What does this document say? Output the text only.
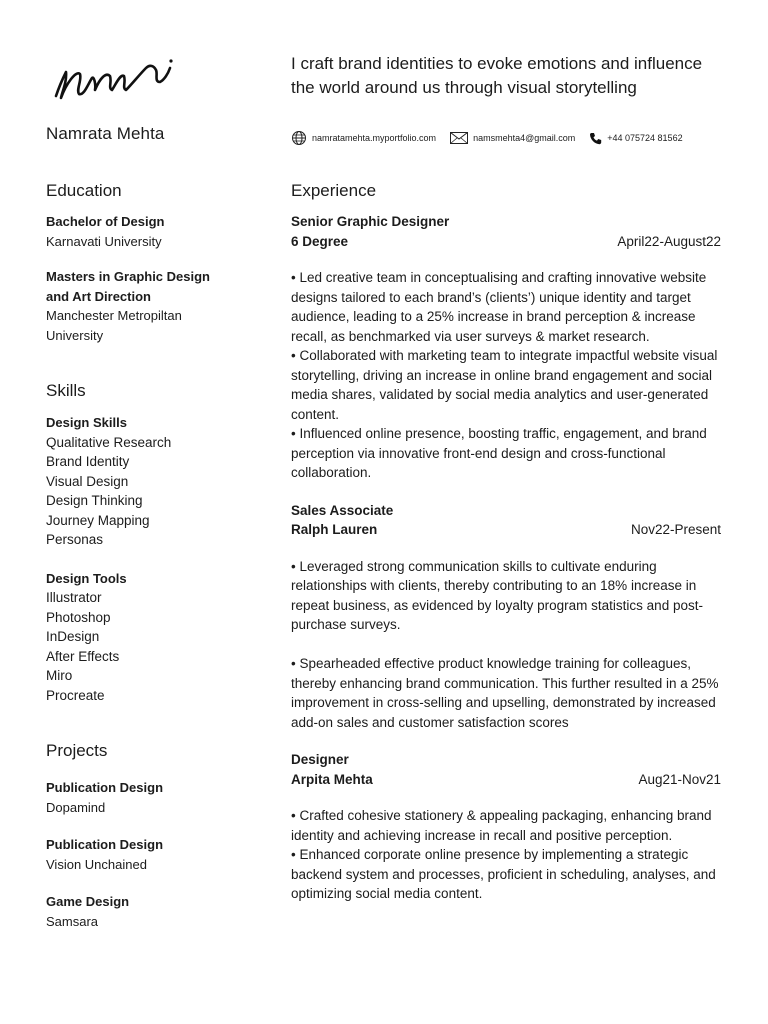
Namrata Mehta
I craft brand identities to evoke emotions and influence the world around us through visual storytelling
namratamehta.myportfolio.com	namsmehta4@gmail.com	+44 075724 81562
Education
Bachelor of Design
Karnavati University
Masters in Graphic Design and Art Direction
Manchester Metropiltan University
Skills
Design Skills
Qualitative Research
Brand Identity
Visual Design
Design Thinking
Journey Mapping
Personas
Design Tools
Illustrator
Photoshop
InDesign
After Effects
Miro
Procreate
Projects
Publication Design
Dopamind
Publication Design
Vision Unchained
Game Design
Samsara
Experience
Senior Graphic Designer
6 Degree	April22-August22

• Led creative team in conceptualising and crafting innovative website designs tailored to each brand’s (clients’) unique identity and target audience, leading to a 25% increase in brand perception & increase recall, as benchmarked via user surveys & market research.

• Collaborated with marketing team to integrate impactful website visual storytelling, driving an increase in online brand engagement and social media shares, validated by social media analytics and user-generated content.

• Influenced online presence, boosting traffic, engagement, and brand perception via innovative front-end design and cross-functional collaboration.

Sales Associate
Ralph Lauren	Nov22-Present

• Leveraged strong communication skills to cultivate enduring relationships with clients, thereby contributing to an 18% increase in repeat business, as evidenced by loyalty program statistics and post-purchase surveys.

• Spearheaded effective product knowledge training for colleagues, thereby enhancing brand communication. This further resulted in a 25% improvement in cross-selling and upselling, demonstrated by increased add-on sales and customer satisfaction scores

Designer
Arpita Mehta	Aug21-Nov21

• Crafted cohesive stationery & appealing packaging, enhancing brand identity and achieving increase in recall and positive perception.

• Enhanced corporate online presence by implementing a strategic backend system and processes, proficient in scheduling, analyses, and optimizing social media content.
